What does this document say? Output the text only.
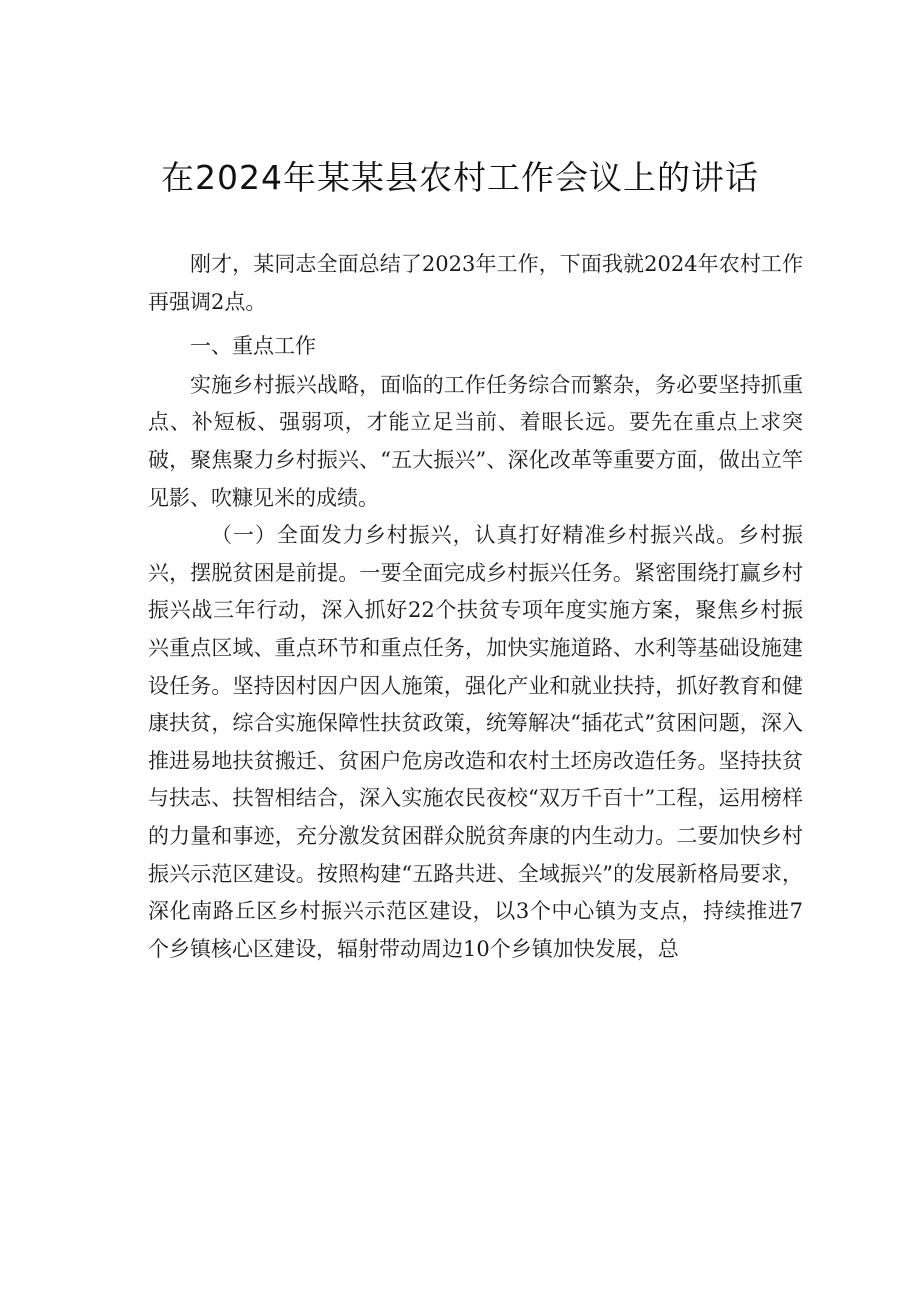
在2024年某某县农村工作会议上的讲话

刚才，某同志全面总结了2023年工作，下面我就2024年农村工作再强调2点。

一、重点工作

实施乡村振兴战略，面临的工作任务综合而繁杂，务必要坚持抓重点、补短板、强弱项，才能立足当前、着眼长远。要先在重点上求突破，聚焦聚力乡村振兴、“五大振兴”、深化改革等重要方面，做出立竿见影、吹糠见米的成绩。

（一）全面发力乡村振兴，认真打好精准乡村振兴战。乡村振兴，摆脱贫困是前提。一要全面完成乡村振兴任务。紧密围绕打赢乡村振兴战三年行动，深入抓好22个扶贫专项年度实施方案，聚焦乡村振兴重点区域、重点环节和重点任务，加快实施道路、水利等基础设施建设任务。坚持因村因户因人施策，强化产业和就业扶持，抓好教育和健康扶贫，综合实施保障性扶贫政策，统筹解决“插花式”贫困问题，深入推进易地扶贫搬迁、贫困户危房改造和农村土坯房改造任务。坚持扶贫与扶志、扶智相结合，深入实施农民夜校“双万千百十”工程，运用榜样的力量和事迹，充分激发贫困群众脱贫奔康的内生动力。二要加快乡村振兴示范区建设。按照构建“五路共进、全域振兴”的发展新格局要求，深化南路丘区乡村振兴示范区建设，以3个中心镇为支点，持续推进7个乡镇核心区建设，辐射带动周边10个乡镇加快发展，总
